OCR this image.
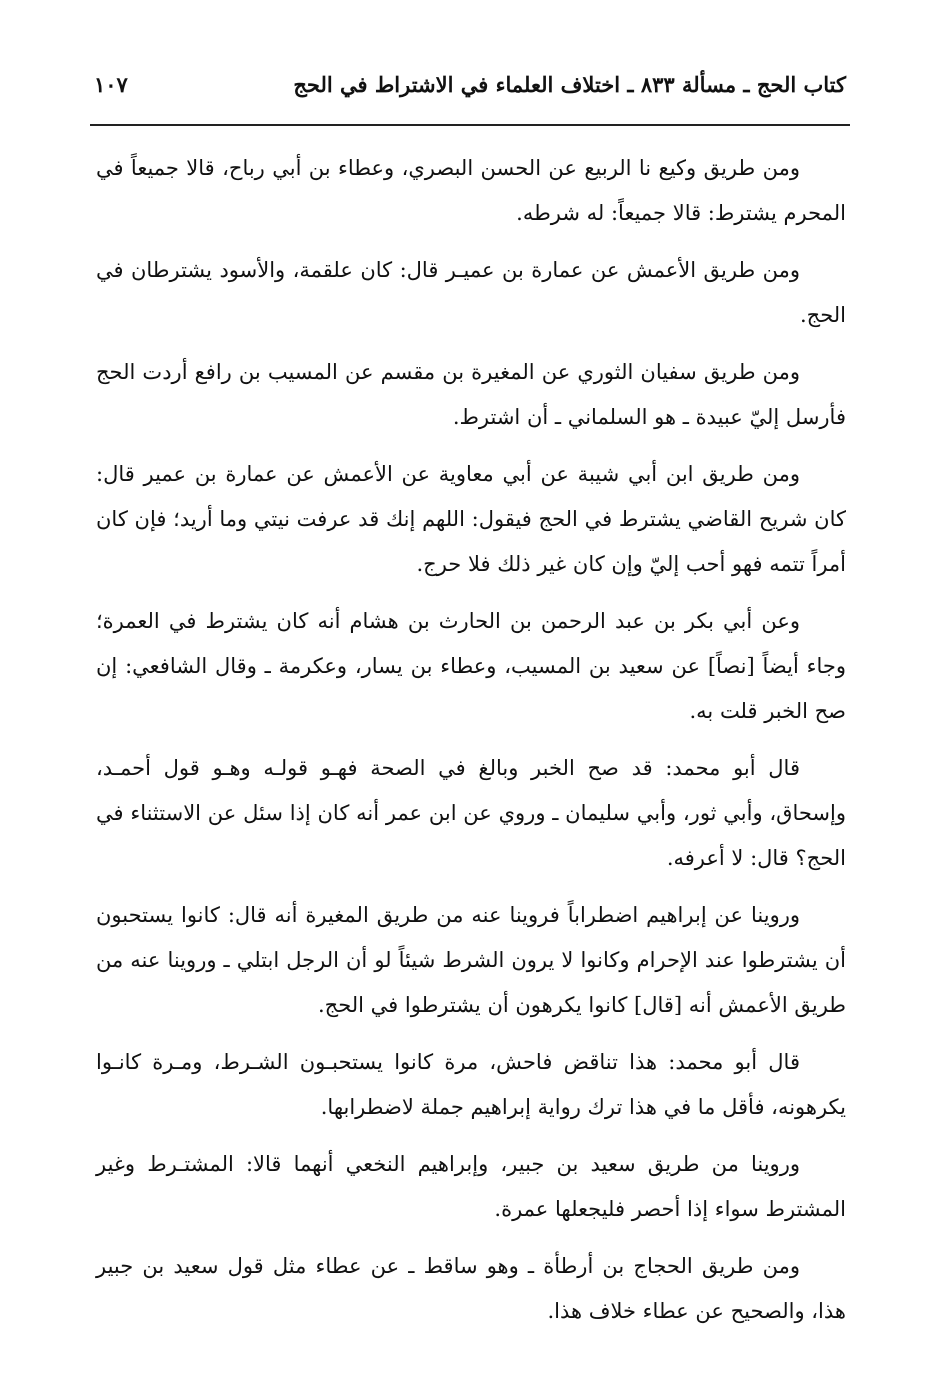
كتاب الحج ـ مسألة ٨٣٣ ـ اختلاف العلماء في الاشتراط في الحج
١٠٧

ومن طريق وكيع نا الربيع عن الحسن البصري، وعطاء بن أبي رباح، قالا جميعاً في المحرم يشترط: قالا جميعاً: له شرطه.

ومن طريق الأعمش عن عمارة بن عميـر قال: كان علقمة، والأسود يشترطان في الحج.

ومن طريق سفيان الثوري عن المغيرة بن مقسم عن المسيب بن رافع أردت الحج فأرسل إليّ عبيدة ـ هو السلماني ـ أن اشترط.

ومن طريق ابن أبي شيبة عن أبي معاوية عن الأعمش عن عمارة بن عمير قال: كان شريح القاضي يشترط في الحج فيقول: اللهم إنك قد عرفت نيتي وما أريد؛ فإن كان أمراً تتمه فهو أحب إليّ وإن كان غير ذلك فلا حرج.

وعن أبي بكر بن عبد الرحمن بن الحارث بن هشام أنه كان يشترط في العمرة؛ وجاء أيضاً [نصاً] عن سعيد بن المسيب، وعطاء بن يسار، وعكرمة ـ وقال الشافعي: إن صح الخبر قلت به.

قال أبو محمد: قد صح الخبر وبالغ في الصحة فهـو قولـه وهـو قول أحمـد، وإسحاق، وأبي ثور، وأبي سليمان ـ وروي عن ابن عمر أنه كان إذا سئل عن الاستثناء في الحج؟ قال: لا أعرفه.

وروينا عن إبراهيم اضطراباً فروينا عنه من طريق المغيرة أنه قال: كانوا يستحبون أن يشترطوا عند الإحرام وكانوا لا يرون الشرط شيئاً لو أن الرجل ابتلي ـ وروينا عنه من طريق الأعمش أنه [قال] كانوا يكرهون أن يشترطوا في الحج.

قال أبو محمد: هذا تناقض فاحش، مرة كانوا يستحبـون الشـرط، ومـرة كانـوا يكرهونه، فأقل ما في هذا ترك رواية إبراهيم جملة لاضطرابها.

وروينا من طريق سعيد بن جبير، وإبراهيم النخعي أنهما قالا: المشتـرط وغير المشترط سواء إذا أحصر فليجعلها عمرة.

ومن طريق الحجاج بن أرطأة ـ وهو ساقط ـ عن عطاء مثل قول سعيد بن جبير هذا، والصحيح عن عطاء خلاف هذا.
